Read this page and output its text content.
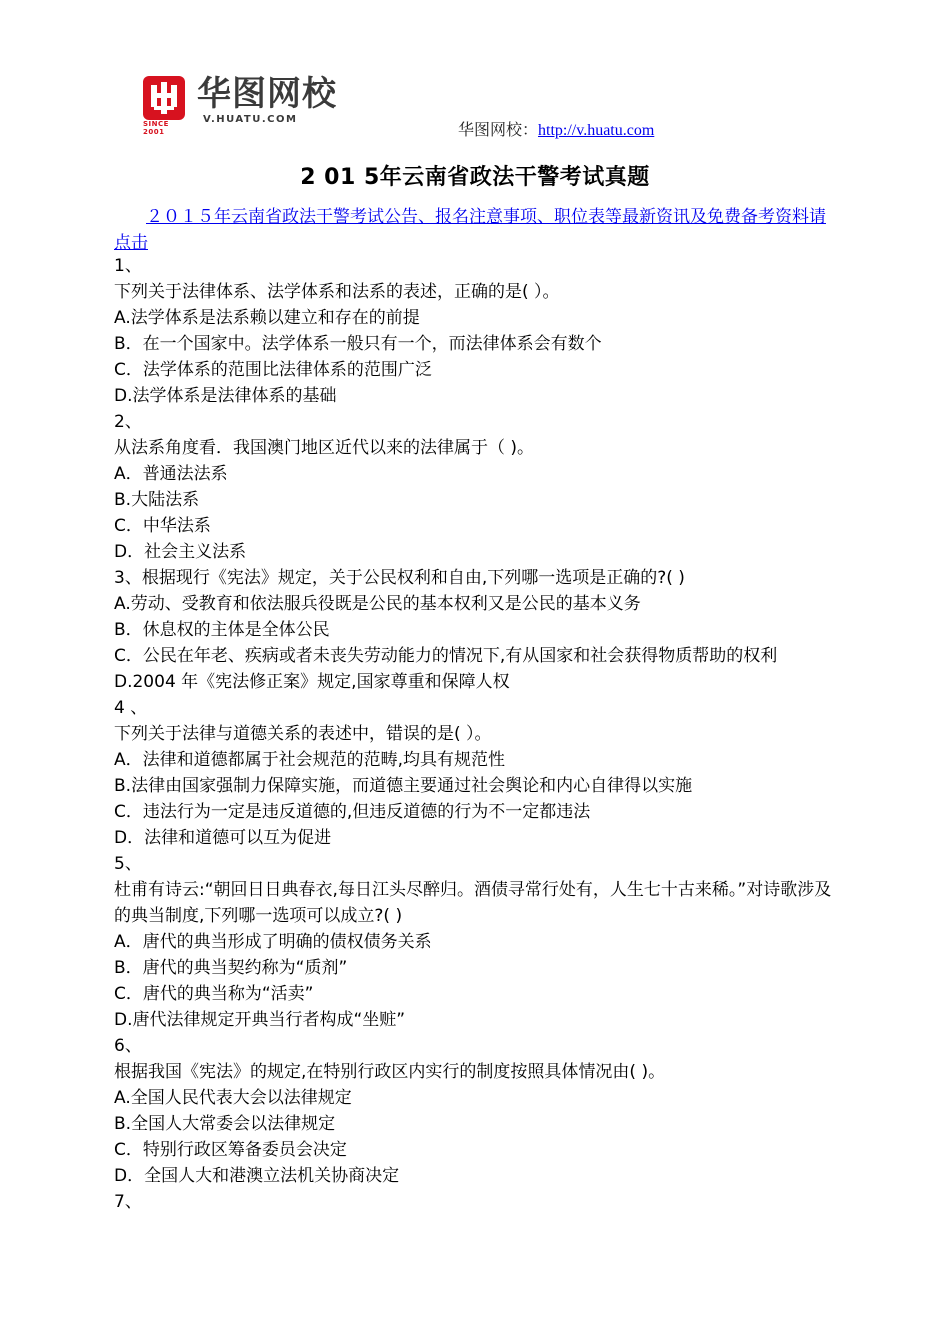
SINCE 2001
华图网校
V.HUATU.COM
华图网校：http://v.huatu.com
2 01 5年云南省政法干警考试真题
２０１５年云南省政法干警考试公告、报名注意事项、职位表等最新资讯及免费备考资料请点击
1、
下列关于法律体系、法学体系和法系的表述，正确的是( ）。
A.法学体系是法系赖以建立和存在的前提
B．在一个国家中。法学体系一般只有一个，而法律体系会有数个
C．法学体系的范围比法律体系的范围广泛
D.法学体系是法律体系的基础
2、
从法系角度看．我国澳门地区近代以来的法律属于（ )。
A．普通法法系
B.大陆法系
C．中华法系
D．社会主义法系
3、根据现行《宪法》规定，关于公民权利和自由,下列哪一选项是正确的?( )
A.劳动、受教育和依法服兵役既是公民的基本权利又是公民的基本义务
B．休息权的主体是全体公民
C．公民在年老、疾病或者未丧失劳动能力的情况下,有从国家和社会获得物质帮助的权利
D.2004 年《宪法修正案》规定,国家尊重和保障人权
4 、
下列关于法律与道德关系的表述中，错误的是( ）。
A．法律和道德都属于社会规范的范畴,均具有规范性
B.法律由国家强制力保障实施，而道德主要通过社会舆论和内心自律得以实施
C．违法行为一定是违反道德的,但违反道德的行为不一定都违法
D．法律和道德可以互为促进
5、
杜甫有诗云:“朝回日日典春衣,每日江头尽醉归。酒债寻常行处有，人生七十古来稀。”对诗歌涉及的典当制度,下列哪一选项可以成立?( )
A．唐代的典当形成了明确的债权债务关系
B．唐代的典当契约称为“质剂”
C．唐代的典当称为“活卖”
D.唐代法律规定开典当行者构成“坐赃”
6、
根据我国《宪法》的规定,在特别行政区内实行的制度按照具体情况由( )。
A.全国人民代表大会以法律规定
B.全国人大常委会以法律规定
C．特别行政区筹备委员会决定
D．全国人大和港澳立法机关协商决定
7、
